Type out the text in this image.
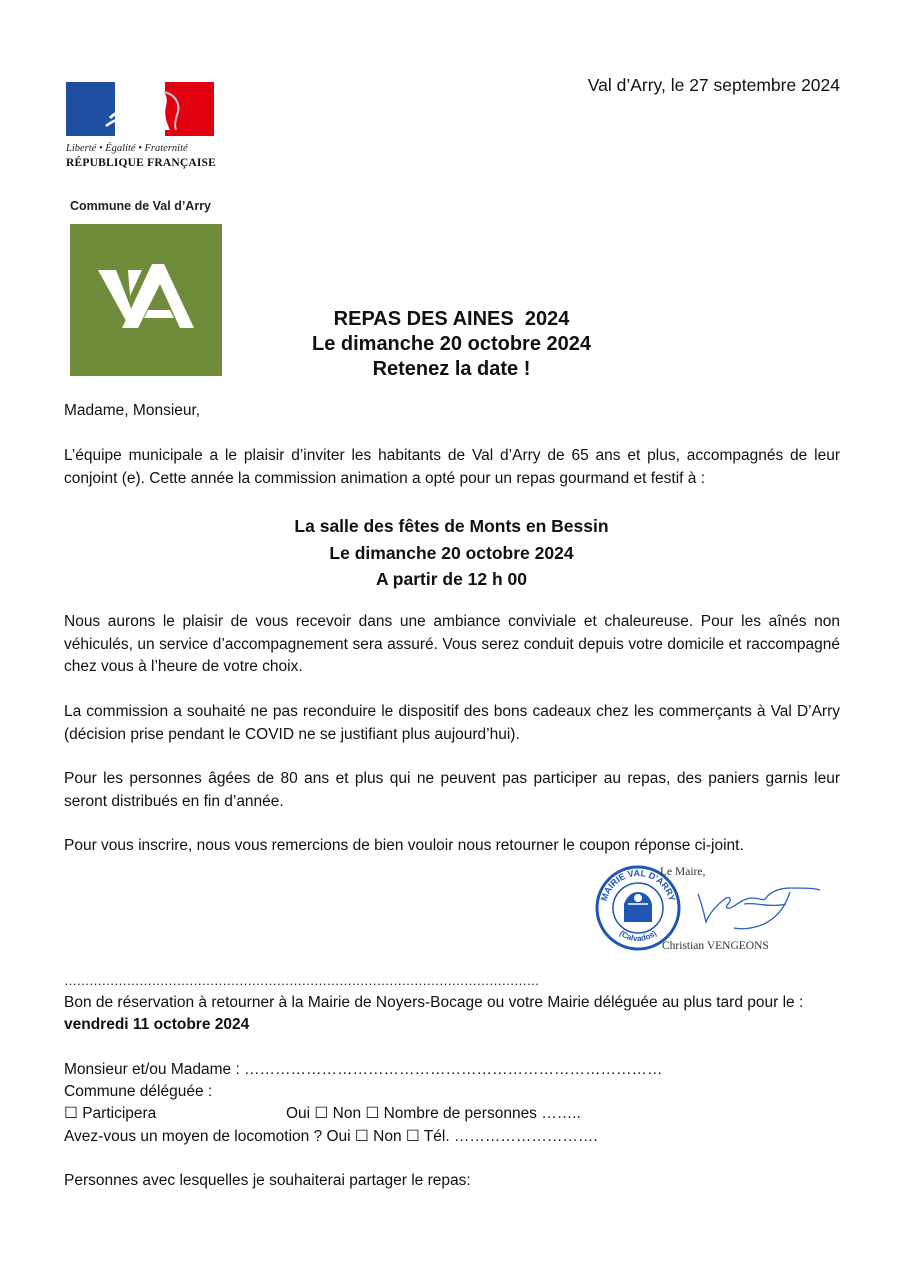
Liberté • Égalité • Fraternité
RÉPUBLIQUE FRANÇAISE
Commune de Val d’Arry
Val d’Arry, le 27 septembre 2024
REPAS DES AINES  2024
Le dimanche 20 octobre 2024
Retenez la date !
Madame, Monsieur,
L’équipe municipale a le plaisir d’inviter les habitants de Val d’Arry de 65 ans et plus, accompagnés de leur conjoint (e). Cette année la commission animation a opté pour un repas gourmand et festif à :
La salle des fêtes de Monts en Bessin
Le dimanche 20 octobre 2024
A partir de 12 h 00
Nous aurons le plaisir de vous recevoir dans une ambiance conviviale et chaleureuse. Pour les aînés non véhiculés, un service d’accompagnement sera assuré. Vous serez conduit depuis votre domicile et raccompagné chez vous à l’heure de votre choix.
La commission a souhaité ne pas reconduire le dispositif des bons cadeaux chez les commerçants à Val D’Arry (décision prise pendant le COVID ne se justifiant plus aujourd’hui).
Pour les personnes âgées de 80 ans et plus qui ne peuvent pas participer au repas, des paniers garnis leur seront distribués en fin d’année.
Pour vous inscrire, nous vous remercions de bien vouloir nous retourner le coupon réponse ci-joint.
MAIRIE VAL D'ARRY
(Calvados)
Le Maire,
Christian VENGEONS
……………………………………………………………………………………………………
Bon de réservation à retourner à la Mairie de Noyers-Bocage ou votre Mairie déléguée au plus tard pour le :
vendredi 11 octobre 2024
Monsieur et/ou Madame : ………………………………………………………………………
Commune déléguée :
☐ Participera	Oui ☐ Non ☐ Nombre de personnes ……..
Avez-vous un moyen de locomotion ? Oui ☐ Non ☐ Tél. ……………………….
Personnes avec lesquelles je souhaiterai partager le repas:
